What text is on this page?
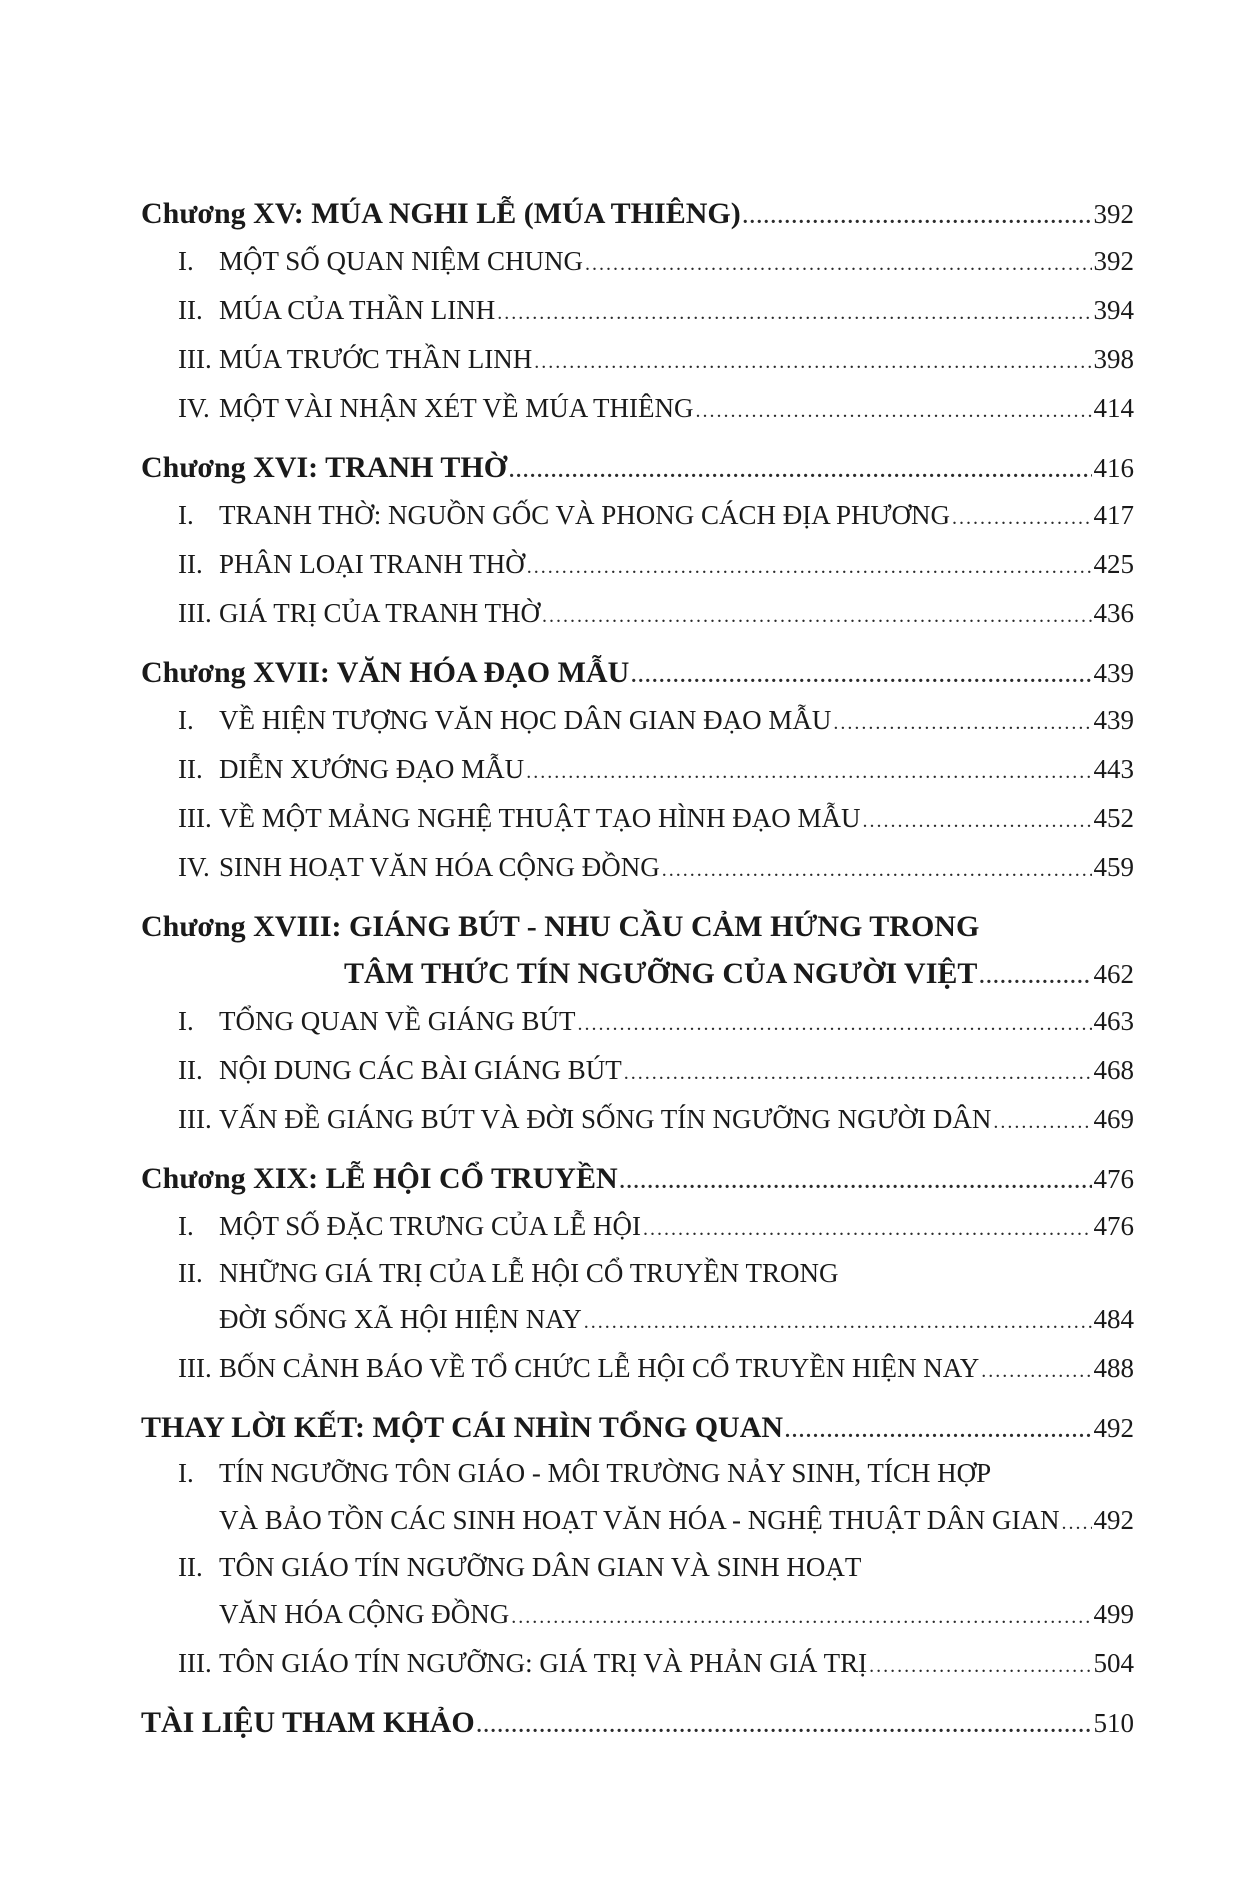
Chương XV: MÚA NGHI LỄ (MÚA THIÊNG) .....	392
I. MỘT SỐ QUAN NIỆM CHUNG .....	392
II. MÚA CỦA THẦN LINH .....	394
III. MÚA TRƯỚC THẦN LINH .....	398
IV. MỘT VÀI NHẬN XÉT VỀ MÚA THIÊNG .....	414
Chương XVI: TRANH THỜ .....	416
I. TRANH THỜ: NGUỒN GỐC VÀ PHONG CÁCH ĐỊA PHƯƠNG .....	417
II. PHÂN LOẠI TRANH THỜ .....	425
III. GIÁ TRỊ CỦA TRANH THỜ .....	436
Chương XVII: VĂN HÓA ĐẠO MẪU .....	439
I. VỀ HIỆN TƯỢNG VĂN HỌC DÂN GIAN ĐẠO MẪU .....	439
II. DIỄN XƯỚNG ĐẠO MẪU .....	443
III. VỀ MỘT MẢNG NGHỆ THUẬT TẠO HÌNH ĐẠO MẪU .....	452
IV. SINH HOẠT VĂN HÓA CỘNG ĐỒNG .....	459
Chương XVIII: GIÁNG BÚT - NHU CẦU CẢM HỨNG TRONG
TÂM THỨC TÍN NGƯỠNG CỦA NGƯỜI VIỆT .....	462
I. TỔNG QUAN VỀ GIÁNG BÚT .....	463
II. NỘI DUNG CÁC BÀI GIÁNG BÚT .....	468
III. VẤN ĐỀ GIÁNG BÚT VÀ ĐỜI SỐNG TÍN NGƯỠNG NGƯỜI DÂN .....	469
Chương XIX: LỄ HỘI CỔ TRUYỀN .....	476
I. MỘT SỐ ĐẶC TRƯNG CỦA LỄ HỘI .....	476
II. NHỮNG GIÁ TRỊ CỦA LỄ HỘI CỔ TRUYỀN TRONG
ĐỜI SỐNG XÃ HỘI HIỆN NAY .....	484
III. BỐN CẢNH BÁO VỀ TỔ CHỨC LỄ HỘI CỔ TRUYỀN HIỆN NAY .....	488
THAY LỜI KẾT: MỘT CÁI NHÌN TỔNG QUAN .....	492
I. TÍN NGƯỠNG TÔN GIÁO - MÔI TRƯỜNG NẢY SINH, TÍCH HỢP
VÀ BẢO TỒN CÁC SINH HOẠT VĂN HÓA - NGHỆ THUẬT DÂN GIAN ..... 492
II. TÔN GIÁO TÍN NGƯỠNG DÂN GIAN VÀ SINH HOẠT
VĂN HÓA CỘNG ĐỒNG .....	499
III. TÔN GIÁO TÍN NGƯỠNG: GIÁ TRỊ VÀ PHẢN GIÁ TRỊ .....	504
TÀI LIỆU THAM KHẢO .....	510
